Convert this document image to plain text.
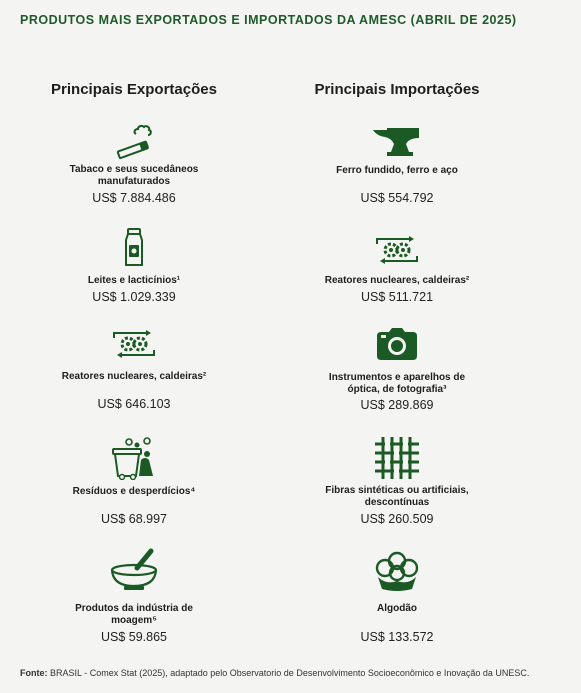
PRODUTOS MAIS EXPORTADOS E IMPORTADOS DA AMESC (ABRIL DE 2025)
Principais Exportações	Principais Importações
Tabaco e seus sucedâneos manufaturados
US$ 7.884.486
Leites e lacticínios¹
US$ 1.029.339
Reatores nucleares, caldeiras²
US$ 646.103
Resíduos e desperdícios⁴
US$ 68.997
Produtos da indústria de moagem⁵
US$ 59.865
Ferro fundido, ferro e aço
US$ 554.792
Reatores nucleares, caldeiras²
US$ 511.721
Instrumentos e aparelhos de óptica, de fotografia³
US$ 289.869
Fibras sintéticas ou artificiais, descontínuas
US$ 260.509
Algodão
US$ 133.572
Fonte: BRASIL - Comex Stat (2025), adaptado pelo Observatorio de Desenvolvimento Socioeconômico e Inovação da UNESC.
